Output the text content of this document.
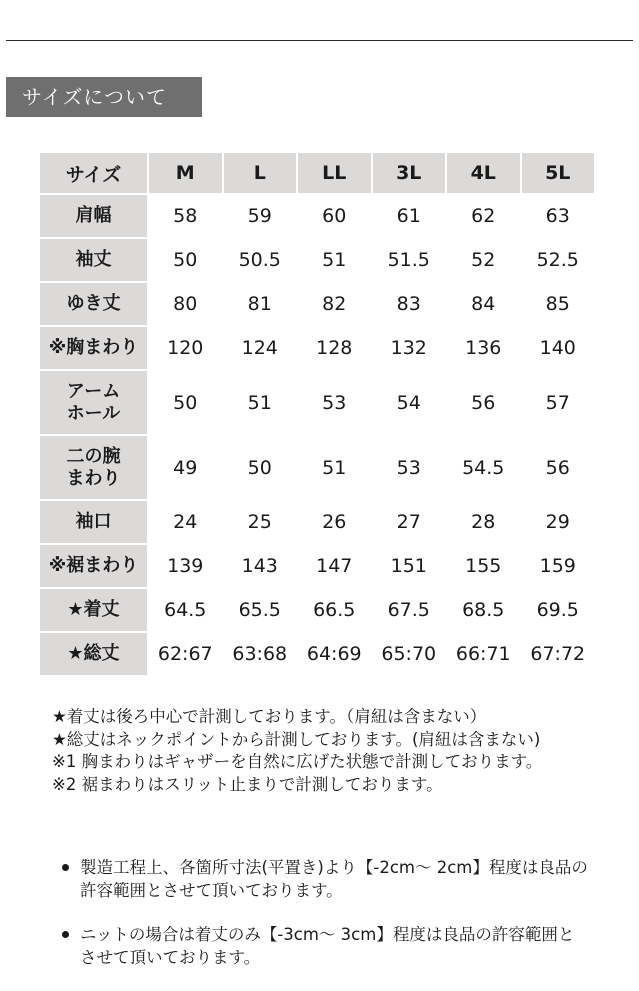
サイズについて
サイズ	M	L	LL	3L	4L	5L
肩幅	58	59	60	61	62	63
袖丈	50	50.5	51	51.5	52	52.5
ゆき丈	80	81	82	83	84	85
※胸まわり	120	124	128	132	136	140

アーム
ホール	50	51	53	54	56	57

二の腕
まわり	49	50	51	53	54.5	56
袖口	24	25	26	27	28	29
※裾まわり	139	143	147	151	155	159
★着丈	64.5	65.5	66.5	67.5	68.5	69.5
★総丈	62:67	63:68	64:69	65:70	66:71	67:72

★着丈は後ろ中心で計測しております。（肩紐は含まない）

★総丈はネックポイントから計測しております。(肩紐は含まない)

※1 胸まわりはギャザーを自然に広げた状態で計測しております。

※2 裾まわりはスリット止まりで計測しております。

製造工程上、各箇所寸法(平置き)より【-2cm～ 2cm】程度は良品の許容範囲とさせて頂いております。
ニットの場合は着丈のみ【-3cm～ 3cm】程度は良品の許容範囲とさせて頂いております。
